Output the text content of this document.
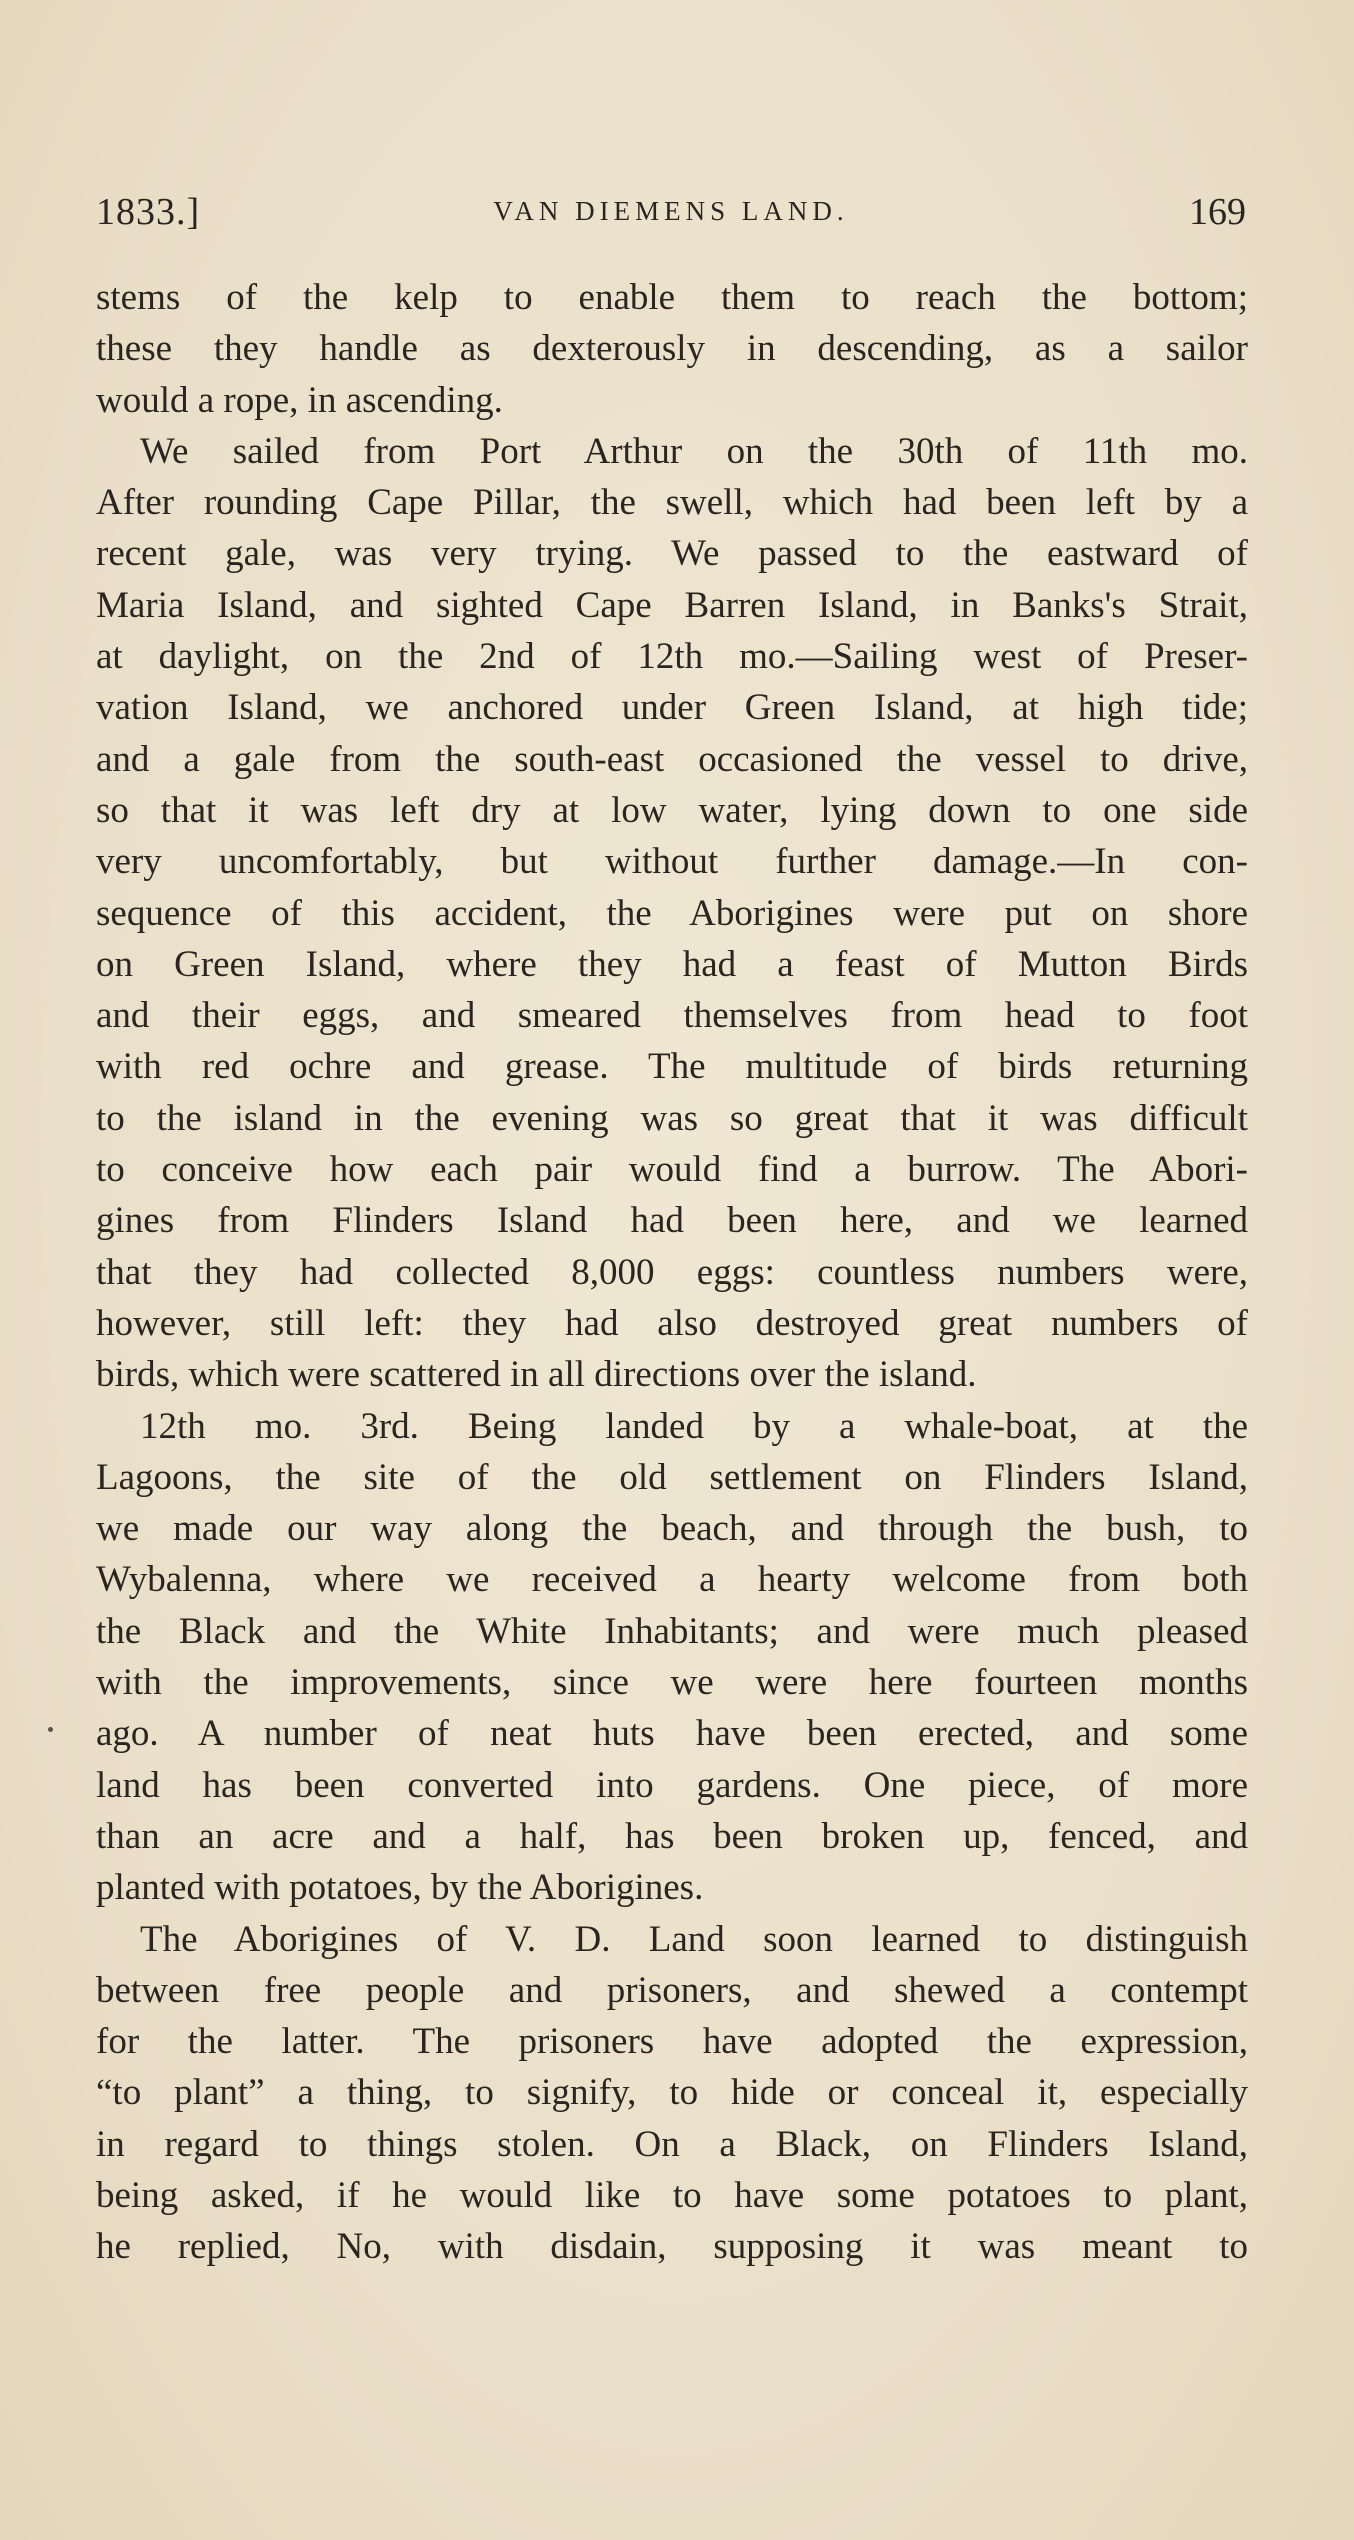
1833.]	VAN DIEMENS LAND.	169
stems of the kelp to enable them to reach the bottom;
these they handle as dexterously in descending, as a sailor
would a rope, in ascending.
We sailed from Port Arthur on the 30th of 11th mo.
After rounding Cape Pillar, the swell, which had been left by a
recent gale, was very trying. We passed to the eastward of
Maria Island, and sighted Cape Barren Island, in Banks's Strait,
at daylight, on the 2nd of 12th mo.—Sailing west of Preser-
vation Island, we anchored under Green Island, at high tide;
and a gale from the south-east occasioned the vessel to drive,
so that it was left dry at low water, lying down to one side
very uncomfortably, but without further damage.—In con-
sequence of this accident, the Aborigines were put on shore
on Green Island, where they had a feast of Mutton Birds
and their eggs, and smeared themselves from head to foot
with red ochre and grease. The multitude of birds returning
to the island in the evening was so great that it was difficult
to conceive how each pair would find a burrow. The Abori-
gines from Flinders Island had been here, and we learned
that they had collected 8,000 eggs: countless numbers were,
however, still left: they had also destroyed great numbers of
birds, which were scattered in all directions over the island.
12th mo. 3rd. Being landed by a whale-boat, at the
Lagoons, the site of the old settlement on Flinders Island,
we made our way along the beach, and through the bush, to
Wybalenna, where we received a hearty welcome from both
the Black and the White Inhabitants; and were much pleased
with the improvements, since we were here fourteen months
ago. A number of neat huts have been erected, and some
land has been converted into gardens. One piece, of more
than an acre and a half, has been broken up, fenced, and
planted with potatoes, by the Aborigines.
The Aborigines of V. D. Land soon learned to distinguish
between free people and prisoners, and shewed a contempt
for the latter. The prisoners have adopted the expression,
“to plant” a thing, to signify, to hide or conceal it, especially
in regard to things stolen. On a Black, on Flinders Island,
being asked, if he would like to have some potatoes to plant,
he replied, No, with disdain, supposing it was meant to
